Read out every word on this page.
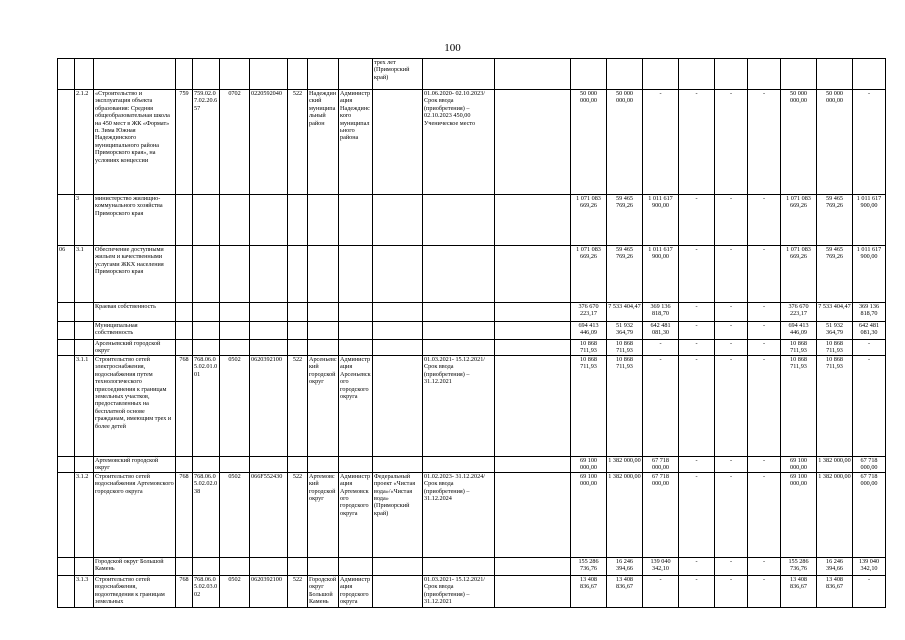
100
										трех лет (Приморский край)											
	2.1.2	«Строительство и эксплуатация объекта образования: Средняя общеобразовательная школа на 450 мест в ЖК «Формат» п. Зима Южная Надеждинского муниципального района Приморского края», на условиях концессии	759	759.02.07.02.20.657	0702	0220592040	522	Надеждинский муниципальный район	Администрация Надеждинского муниципального района		01.06.2020- 02.10.2023/ Срок ввода (приобретения) – 02.10.2023 450,00 Ученическое место		50 000 000,00	50 000 000,00	-	-	-	-	50 000 000,00	50 000 000,00	-
	3	министерство жилищно-коммунального хозяйства Приморского края											1 071 083 669,26	59 465 769,26	1 011 617 900,00	-	-	-	1 071 083 669,26	59 465 769,26	1 011 617 900,00
06	3.1	Обеспечение доступными жильем и качественными услугами ЖКХ населения Приморского края											1 071 083 669,26	59 465 769,26	1 011 617 900,00	-	-	-	1 071 083 669,26	59 465 769,26	1 011 617 900,00
		Краевая собственность											376 670 223,17	7 533 404,47	369 136 818,70	-	-	-	376 670 223,17	7 533 404,47	369 136 818,70
		Муниципальная собственность											694 413 446,09	51 932 364,79	642 481 081,30	-	-	-	694 413 446,09	51 932 364,79	642 481 081,30
		Арсеньевский городской округ											10 868 711,93	10 868 711,93	-	-	-	-	10 868 711,93	10 868 711,93	-
	3.1.1	Строительство сетей электроснабжения, водоснабжения путем технологического присоединения к границам земельных участков, предоставленных на бесплатной основе гражданам, имеющим трех и более детей	768	768.06.05.02.01.001	0502	0620392100	522	Арсеньевский городской округ	Администрация Арсеньевского городского округа		01.03.2021- 15.12.2021/ Срок ввода (приобретения) – 31.12.2021		10 868 711,93	10 868 711,93	-	-	-	-	10 868 711,93	10 868 711,93	-
		Артемовский городской округ											69 100 000,00	1 382 000,00	67 718 000,00	-	-	-	69 100 000,00	1 382 000,00	67 718 000,00
	3.1.2	Строительство сетей водоснабжения Артемовского городского округа	768	768.06.05.02.02.038	0502	066F552430	522	Артемовский городской округ	Администрация Артемовского городского округа	Федеральный проект «Чистая вода»/«Чистая вода» (Приморский край)	01.02.2023- 31.12.2024/ Срок ввода (приобретения) – 31.12.2024		69 100 000,00	1 382 000,00	67 718 000,00	-	-	-	69 100 000,00	1 382 000,00	67 718 000,00
		Городской округ Большой Камень											155 286 736,76	16 246 394,66	139 040 342,10	-	-	-	155 286 736,76	16 246 394,66	139 040 342,10
	3.1.3	Строительство сетей водоснабжения, водоотведения к границам земельных	768	768.06.05.02.03.002	0502	0620392100	522	Городской округ Большой Камень	Администрация городского округа		01.03.2021- 15.12.2021/ Срок ввода (приобретения) – 31.12.2021		13 408 836,67	13 408 836,67	-	-	-	-	13 408 836,67	13 408 836,67	-
